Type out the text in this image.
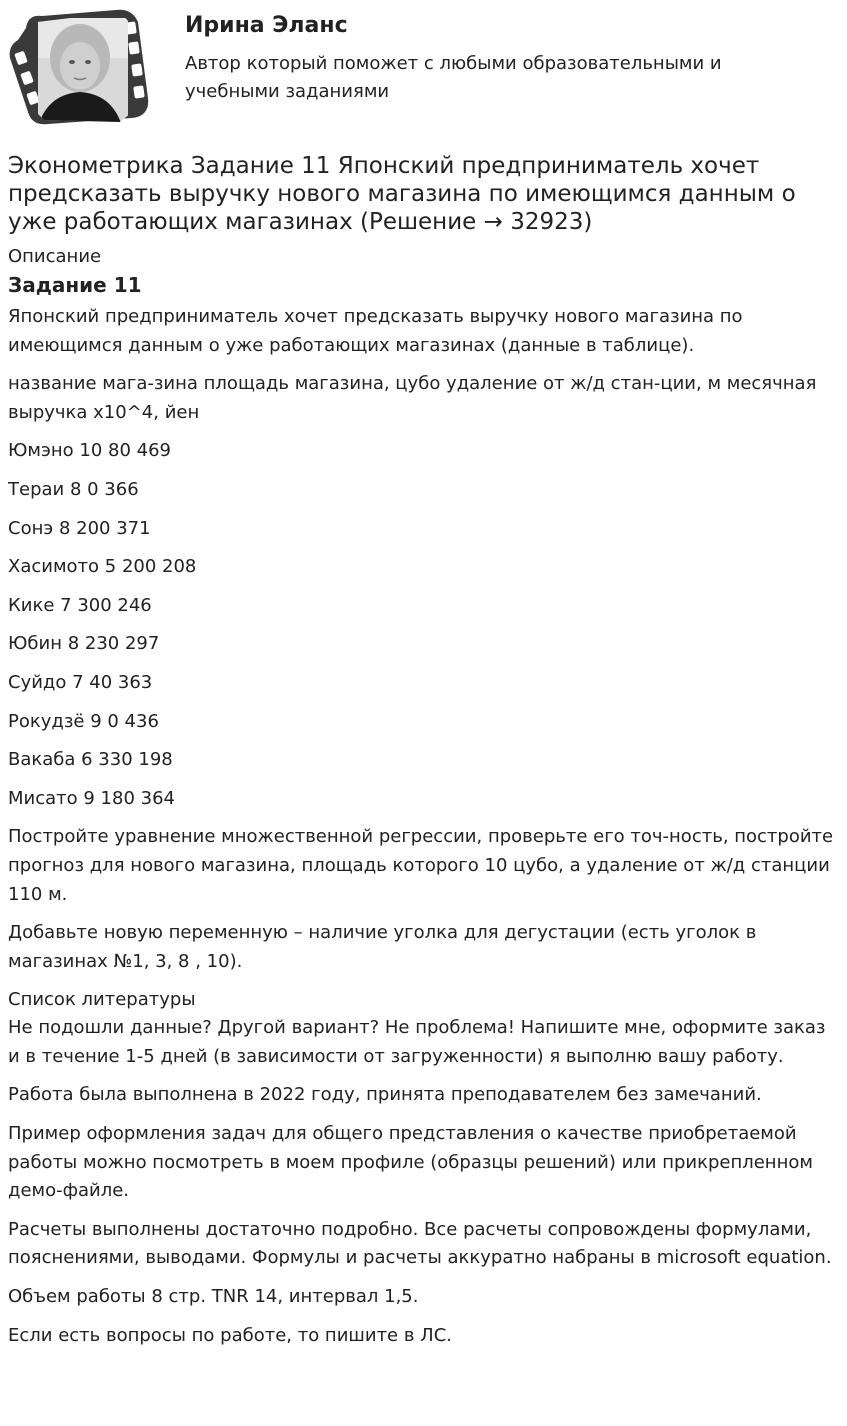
Ирина Эланс

Автор который поможет с любыми образовательными и учебными заданиями

Эконометрика Задание 11 Японский предприниматель хочет предсказать выручку нового магазина по имеющимся данным о уже работающих магазинах (Решение → 32923)
Описание
Задание 11

Японский предприниматель хочет предсказать выручку нового магазина по имеющимся данным о уже работающих магазинах (данные в таблице).

название мага-зина площадь магазина, цубо удаление от ж/д стан-ции, м месячная выручка х10^4, йен

Юмэно 10 80 469

Тераи 8 0 366

Сонэ 8 200 371

Хасимото 5 200 208

Кике 7 300 246

Юбин 8 230 297

Суйдо 7 40 363

Рокудзё 9 0 436

Вакаба 6 330 198

Мисато 9 180 364

Постройте уравнение множественной регрессии, проверьте его точ-ность, постройте прогноз для нового магазина, площадь которого 10 цубо, а удаление от ж/д станции 110 м.

Добавьте новую переменную – наличие уголка для дегустации (есть уголок в магазинах №1, 3, 8 , 10).

Список литературы

Не подошли данные? Другой вариант? Не проблема! Напишите мне, оформите заказ и в течение 1-5 дней (в зависимости от загруженности) я выполню вашу работу.

Работа была выполнена в 2022 году, принята преподавателем без замечаний.

Пример оформления задач для общего представления о качестве приобретаемой работы можно посмотреть в моем профиле (образцы решений) или прикрепленном демо-файле.

Расчеты выполнены достаточно подробно. Все расчеты сопровождены формулами, пояснениями, выводами. Формулы и расчеты аккуратно набраны в microsoft equation.

Объем работы 8 стр. TNR 14, интервал 1,5.

Если есть вопросы по работе, то пишите в ЛС.
